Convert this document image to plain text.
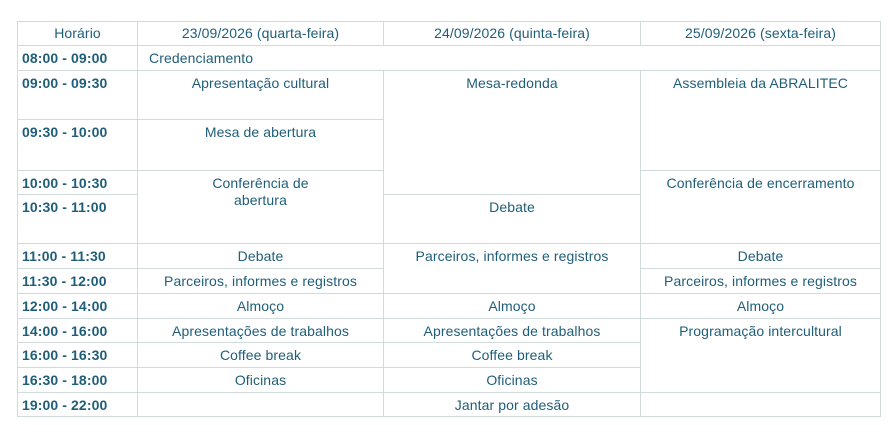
Horário	23/09/2026 (quarta-feira)	24/09/2026 (quinta-feira)	25/09/2026 (sexta-feira)
08:00 - 09:00	Credenciamento		
09:00 - 09:30	Apresentação cultural	Mesa-redonda	Assembleia da ABRALITEC
09:30 - 10:00	Mesa de abertura		
10:00 - 10:30	Conferência de abertura		Conferência de encerramento
10:30 - 11:00		Debate	
11:00 - 11:30	Debate	Parceiros, informes e registros	Debate
11:30 - 12:00	Parceiros, informes e registros		Parceiros, informes e registros
12:00 - 14:00	Almoço	Almoço	Almoço
14:00 - 16:00	Apresentações de trabalhos	Apresentações de trabalhos	Programação intercultural
16:00 - 16:30	Coffee break	Coffee break	
16:30 - 18:00	Oficinas	Oficinas	
19:00 - 22:00		Jantar por adesão	
